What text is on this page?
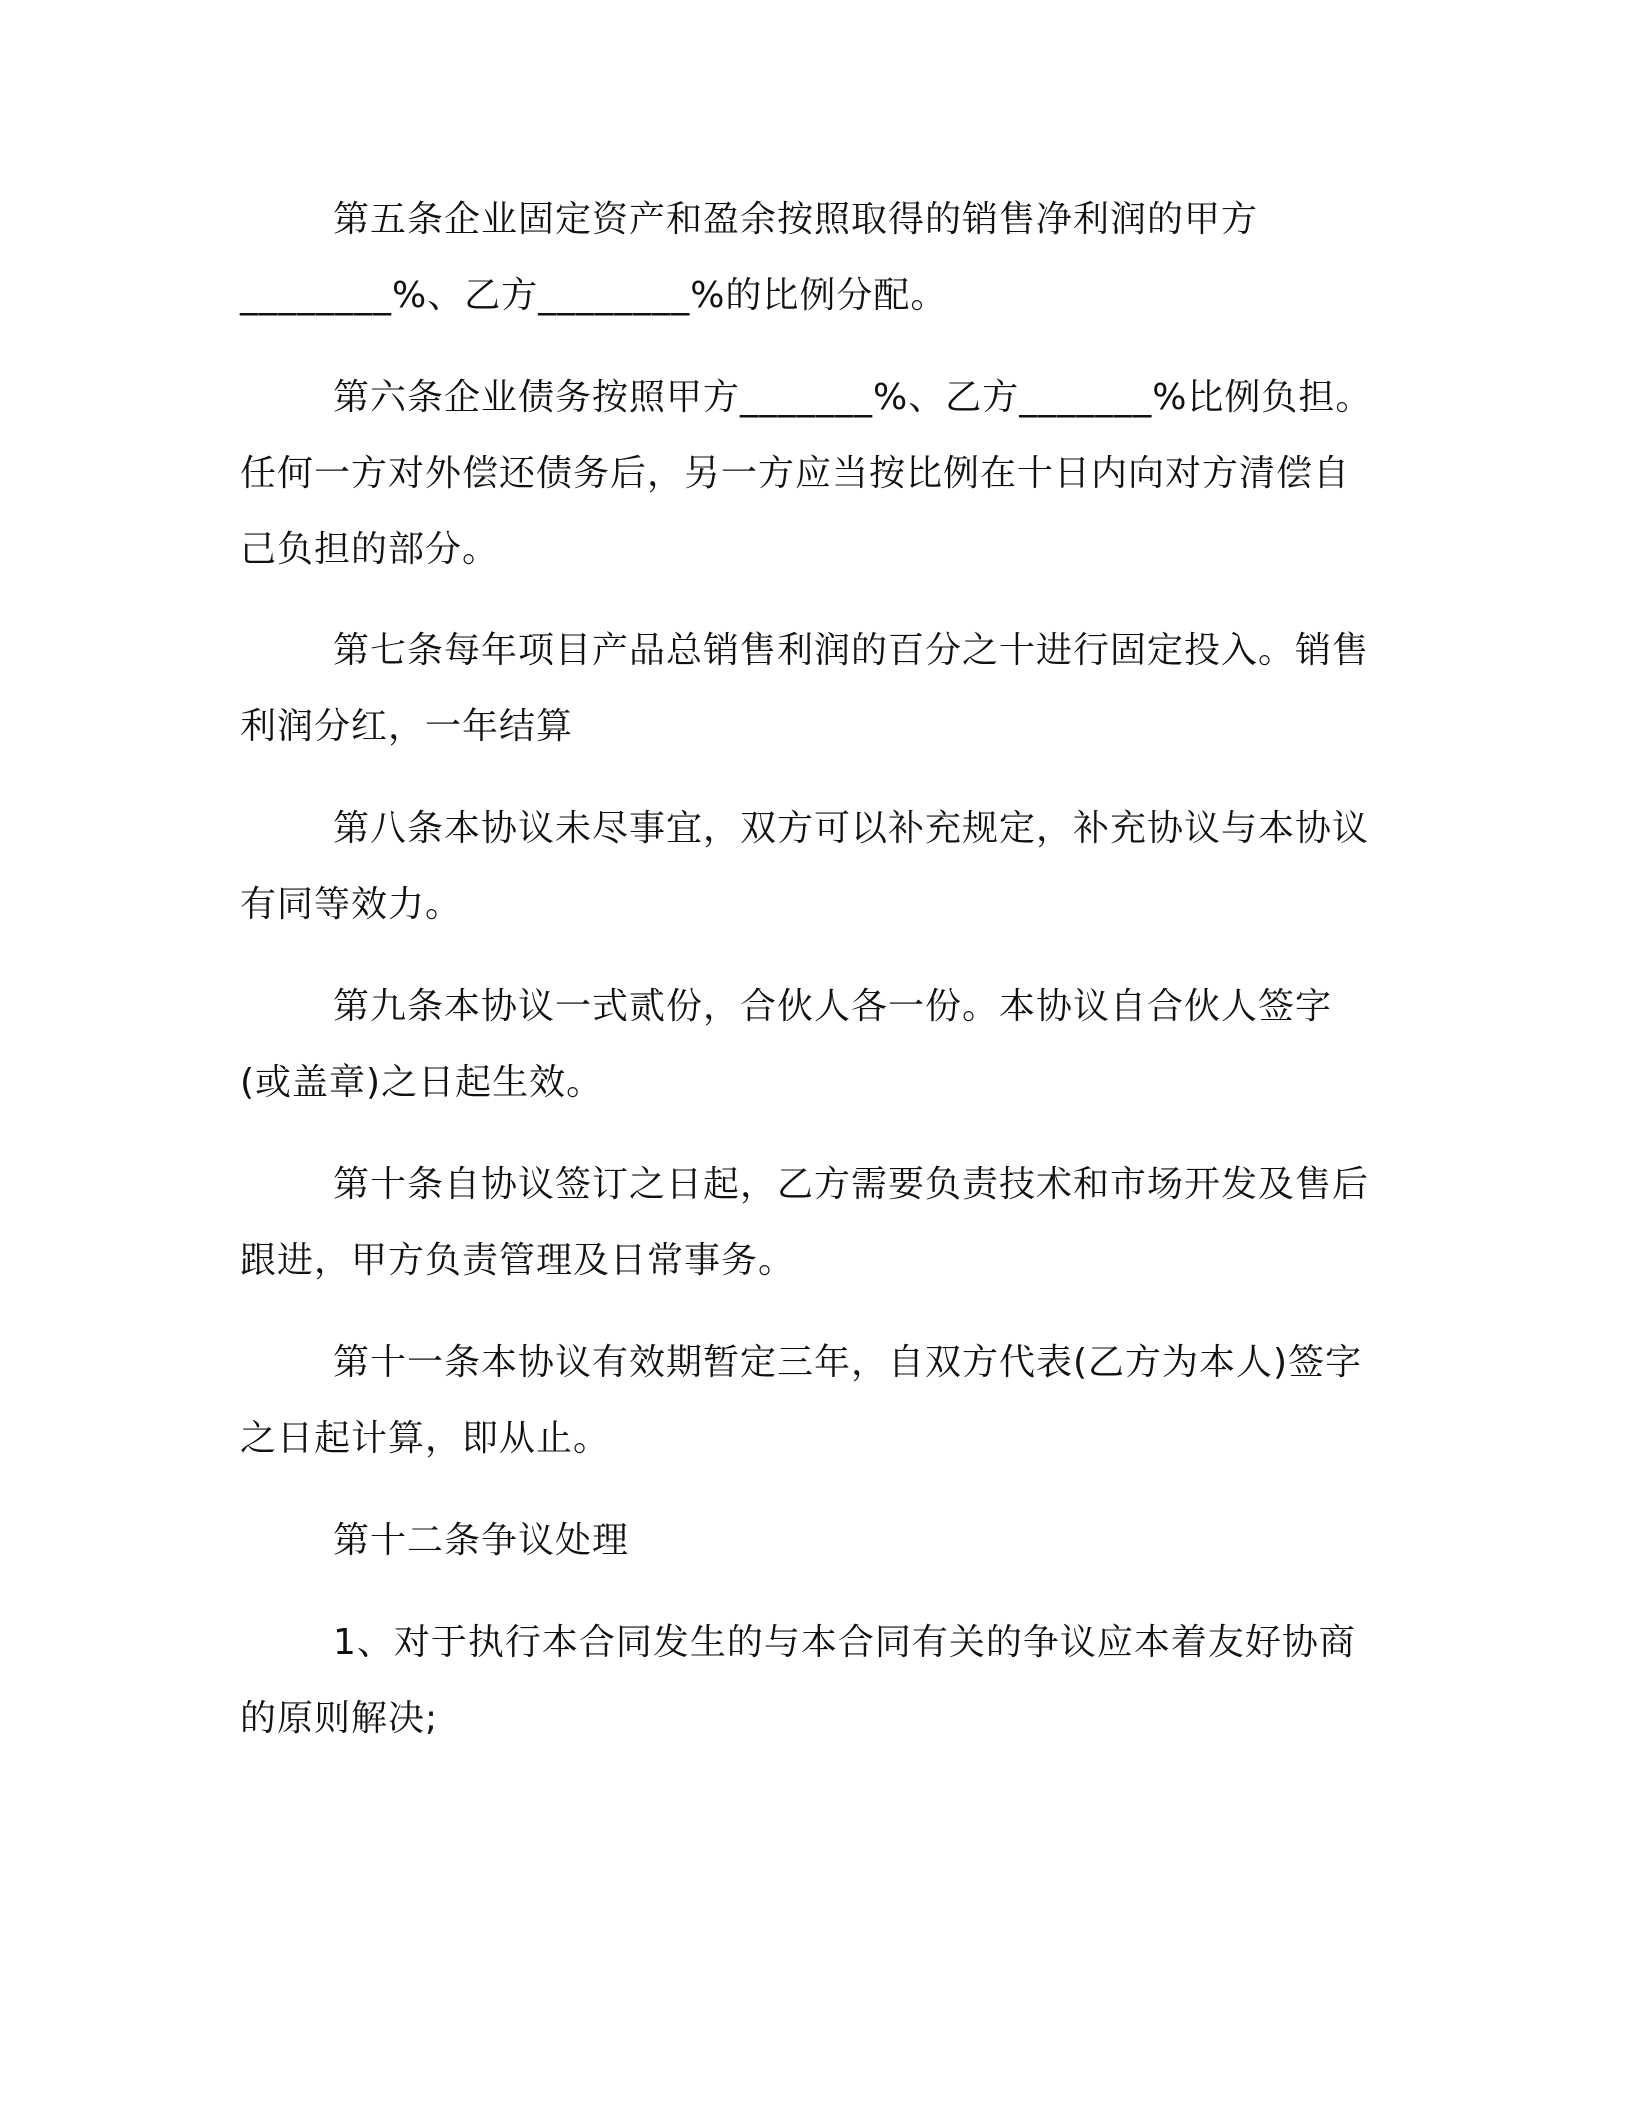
第五条企业固定资产和盈余按照取得的销售净利润的甲方
________%、乙方________%的比例分配。
第六条企业债务按照甲方_______%、乙方_______%比例负担。
任何一方对外偿还债务后，另一方应当按比例在十日内向对方清偿自
己负担的部分。
第七条每年项目产品总销售利润的百分之十进行固定投入。销售
利润分红，一年结算
第八条本协议未尽事宜，双方可以补充规定，补充协议与本协议
有同等效力。
第九条本协议一式贰份，合伙人各一份。本协议自合伙人签字
(或盖章)之日起生效。
第十条自协议签订之日起，乙方需要负责技术和市场开发及售后
跟进，甲方负责管理及日常事务。
第十一条本协议有效期暂定三年，自双方代表(乙方为本人)签字
之日起计算，即从止。
第十二条争议处理
1、对于执行本合同发生的与本合同有关的争议应本着友好协商
的原则解决;
